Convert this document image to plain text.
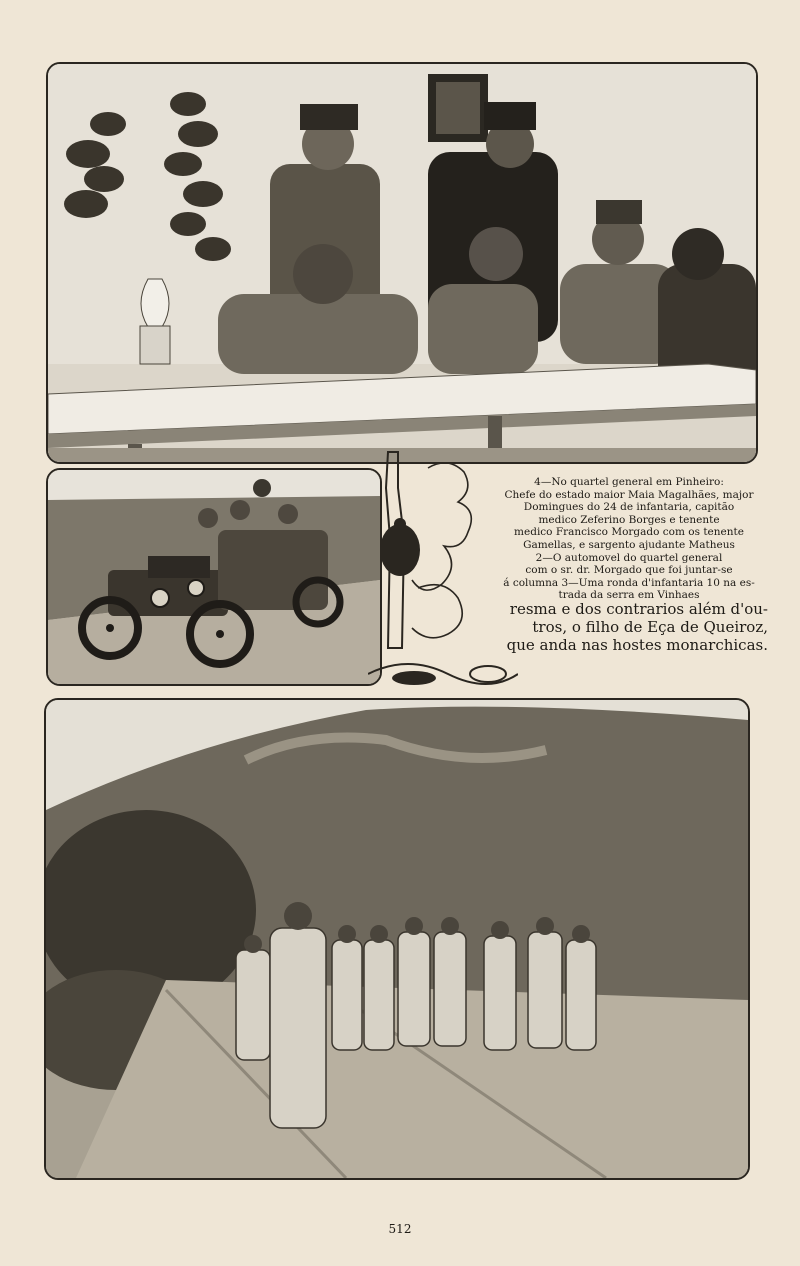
4—No quartel general em Pinheiro:

Chefe do estado maior Maia Magalhães, major

Domingues do 24 de infantaria, capitão

medico Zeferino Borges e tenente

medico Francisco Morgado com os tenente

Gamellas, e sargento ajudante Matheus

2—O automovel do quartel general

com o sr. dr. Morgado que foi juntar-se

á columna 3—Uma ronda d'infantaria 10 na es-

trada da serra em Vinhaes

resma e dos contrarios além d'ou-

tros, o filho de Eça de Queiroz,

que anda nas hostes monarchicas.

512
